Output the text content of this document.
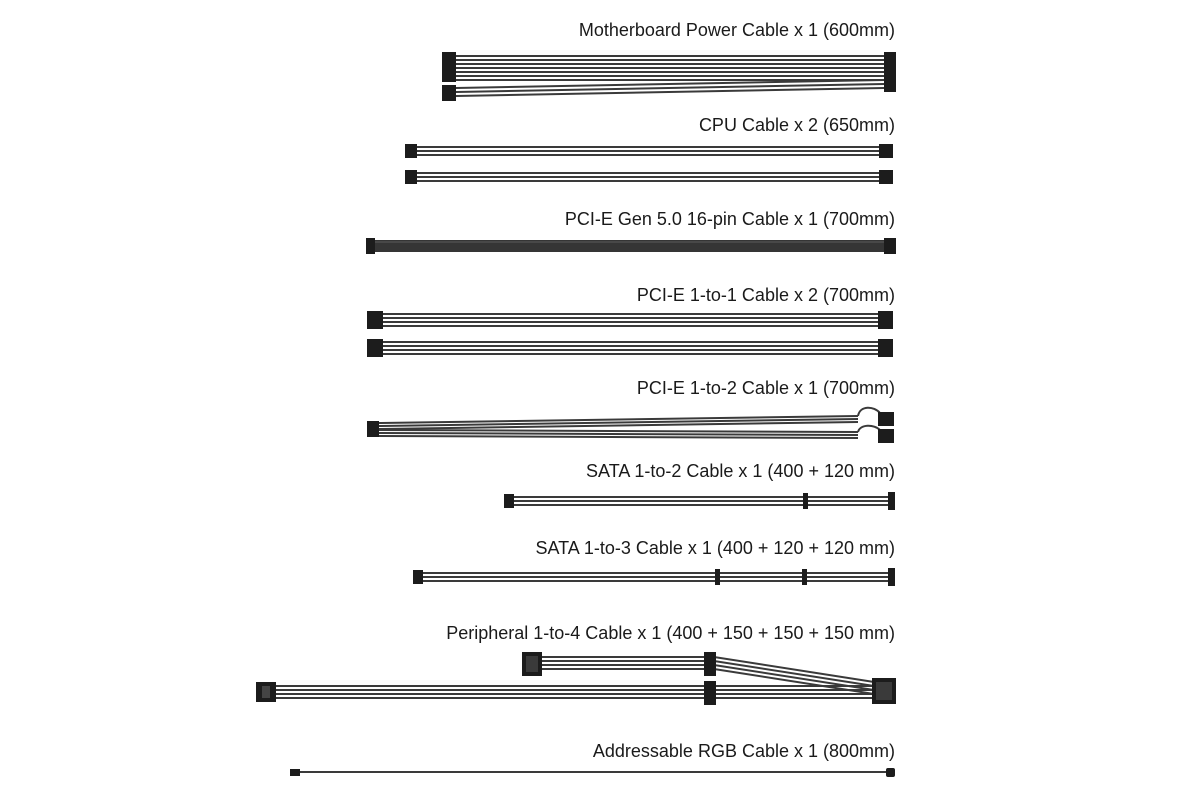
Motherboard Power Cable x 1 (600mm)
CPU Cable x 2 (650mm)
PCI-E Gen 5.0 16-pin Cable x 1 (700mm)
PCI-E 1-to-1 Cable x 2 (700mm)
PCI-E 1-to-2 Cable x 1 (700mm)
SATA 1-to-2 Cable x 1 (400 + 120 mm)
SATA 1-to-3 Cable x 1 (400 + 120 + 120 mm)
Peripheral 1-to-4 Cable x 1 (400 + 150 + 150 + 150 mm)
Addressable RGB Cable x 1 (800mm)
